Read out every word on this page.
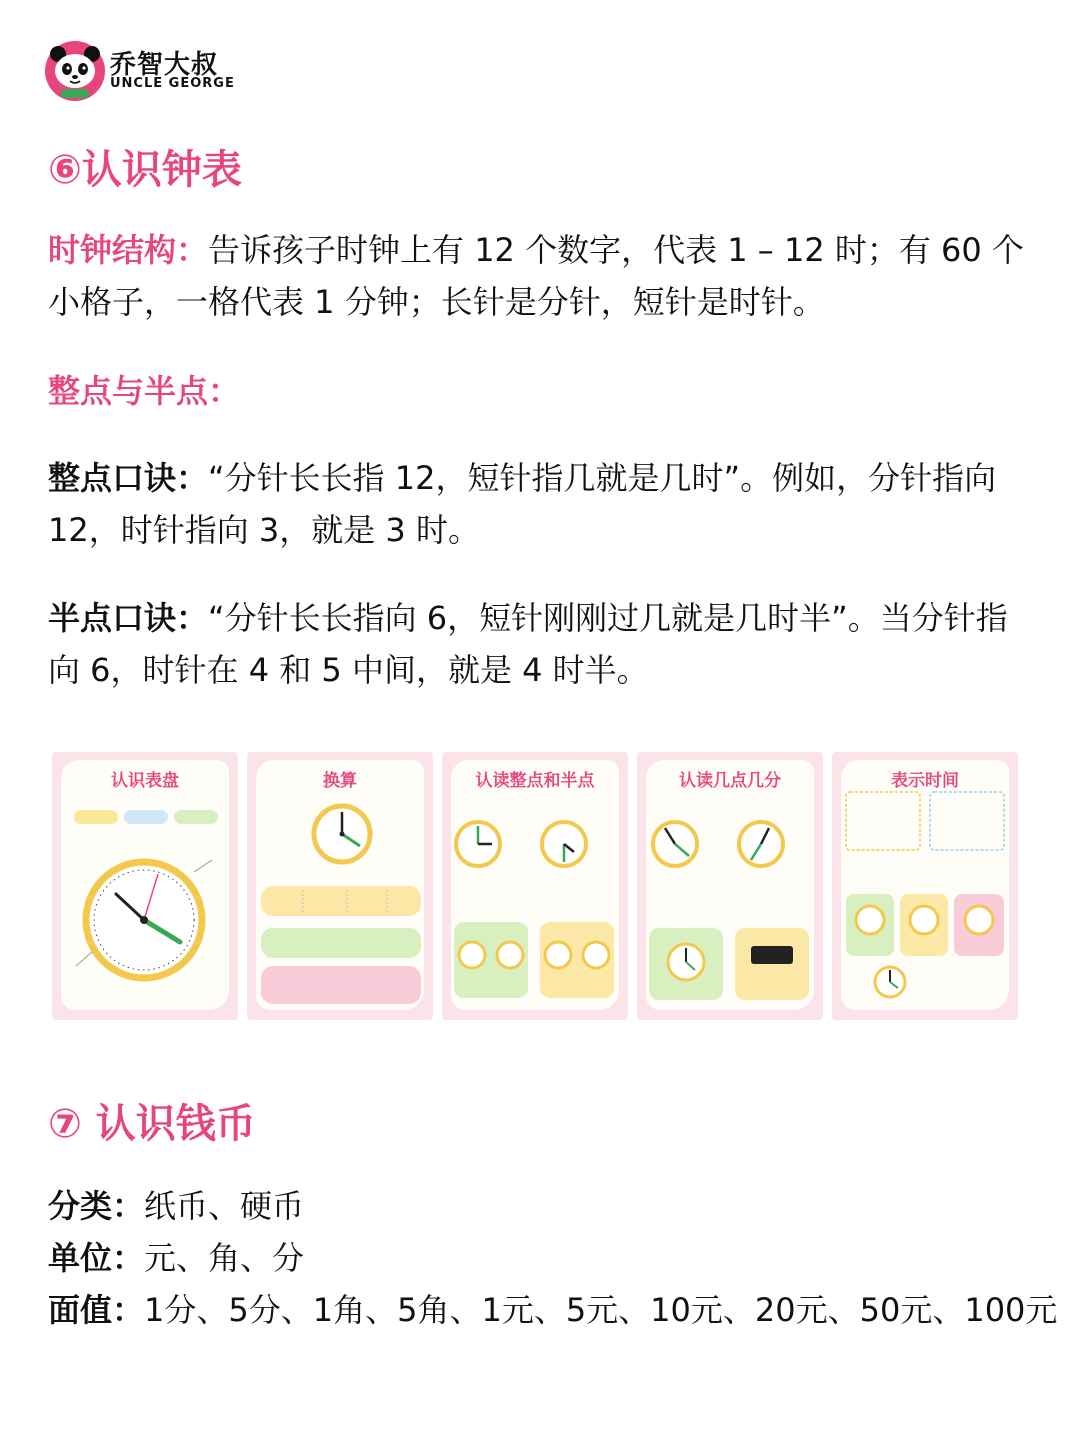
乔智大叔
UNCLE GEORGE
⑥认识钟表
时钟结构：告诉孩子时钟上有 12 个数字，代表 1 – 12 时；有 60 个小格子，一格代表 1 分钟；长针是分针，短针是时针。
整点与半点：
整点口诀：“分针长长指 12，短针指几就是几时”。例如，分针指向 12，时针指向 3，就是 3 时。
半点口诀：“分针长长指向 6，短针刚刚过几就是几时半”。当分针指向 6，时针在 4 和 5 中间，就是 4 时半。
认识表盘	换算	认读整点和半点	认读几点几分	表示时间
⑦ 认识钱币
分类：纸币、硬币
单位：元、角、分
面值：1分、5分、1角、5角、1元、5元、10元、20元、50元、100元
